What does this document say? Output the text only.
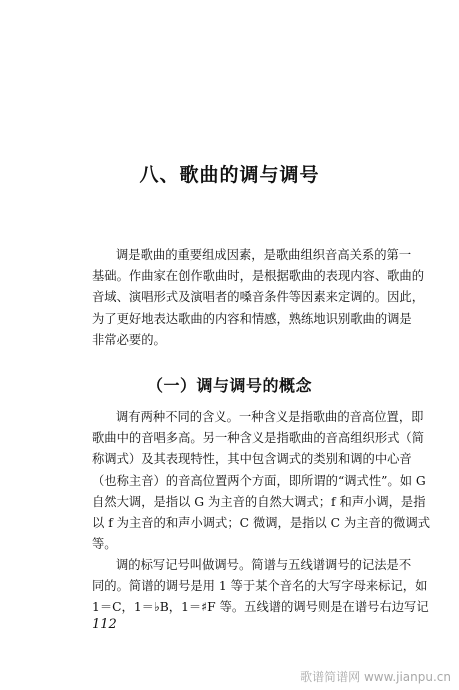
八、歌曲的调与调号
调是歌曲的重要组成因素，是歌曲组织音高关系的第一
基础。作曲家在创作歌曲时，是根据歌曲的表现内容、歌曲的
音域、演唱形式及演唱者的嗓音条件等因素来定调的。因此，
为了更好地表达歌曲的内容和情感，熟练地识别歌曲的调是
非常必要的。
（一）调与调号的概念
调有两种不同的含义。一种含义是指歌曲的音高位置，即
歌曲中的音唱多高。另一种含义是指歌曲的音高组织形式（简
称调式）及其表现特性，其中包含调式的类别和调的中心音
（也称主音）的音高位置两个方面，即所谓的“调式性”。如 G
自然大调，是指以 G 为主音的自然大调式；f 和声小调，是指
以 f 为主音的和声小调式；C 微调，是指以 C 为主音的微调式
等。
调的标写记号叫做调号。简谱与五线谱调号的记法是不
同的。简谱的调号是用 1 等于某个音名的大写字母来标记，如
1＝C，1＝♭B，1＝♯F 等。五线谱的调号则是在谱号右边写记
112
歌谱简谱网 www.jianpu.cn
